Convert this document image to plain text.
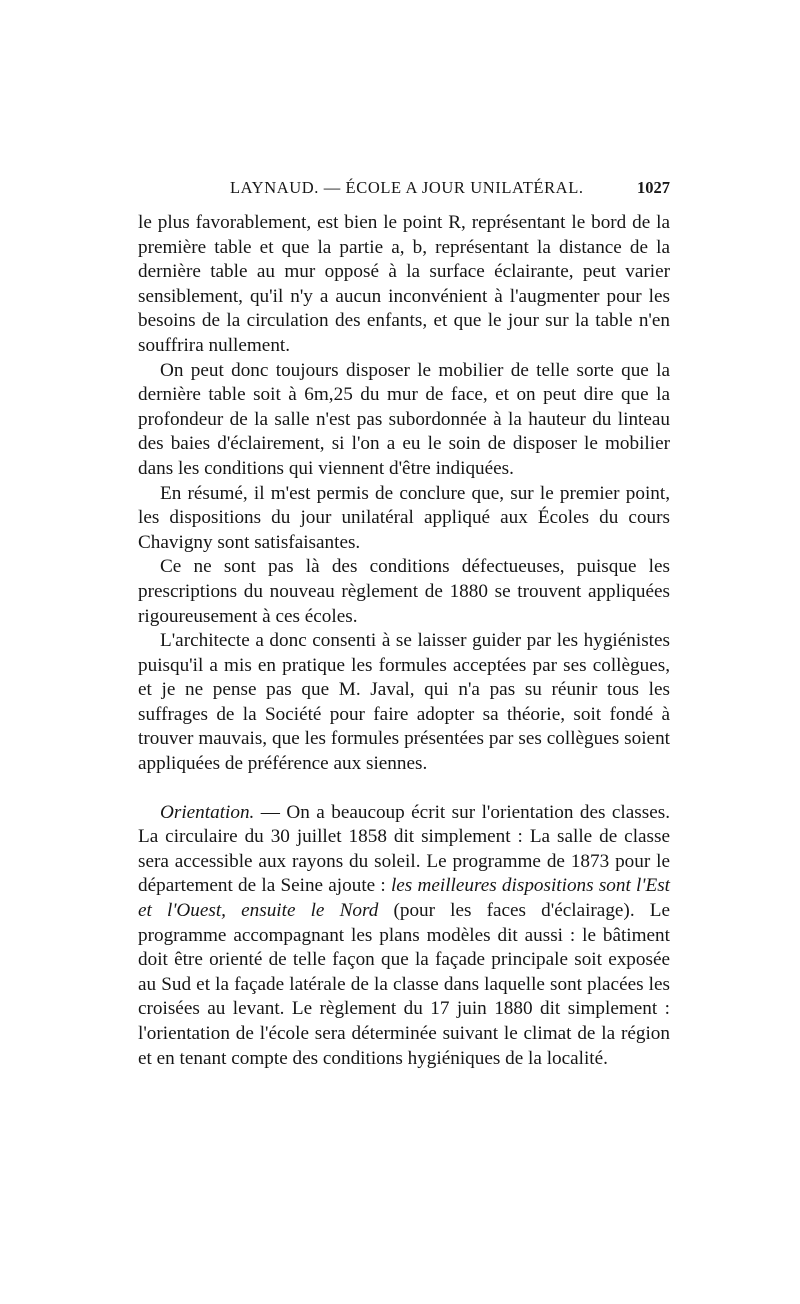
LAYNAUD. — ÉCOLE A JOUR UNILATÉRAL.	1027

le plus favorablement, est bien le point R, représentant le bord de la première table et que la partie a, b, représentant la distance de la dernière table au mur opposé à la surface éclairante, peut varier sensiblement, qu'il n'y a aucun inconvénient à l'augmenter pour les besoins de la circulation des enfants, et que le jour sur la table n'en souffrira nullement.

On peut donc toujours disposer le mobilier de telle sorte que la dernière table soit à 6m,25 du mur de face, et on peut dire que la profondeur de la salle n'est pas subordonnée à la hauteur du linteau des baies d'éclairement, si l'on a eu le soin de disposer le mobilier dans les conditions qui viennent d'être indiquées.

En résumé, il m'est permis de conclure que, sur le premier point, les dispositions du jour unilatéral appliqué aux Écoles du cours Chavigny sont satisfaisantes.

Ce ne sont pas là des conditions défectueuses, puisque les prescriptions du nouveau règlement de 1880 se trouvent appliquées rigoureusement à ces écoles.

L'architecte a donc consenti à se laisser guider par les hygiénistes puisqu'il a mis en pratique les formules acceptées par ses collègues, et je ne pense pas que M. Javal, qui n'a pas su réunir tous les suffrages de la Société pour faire adopter sa théorie, soit fondé à trouver mauvais, que les formules présentées par ses collègues soient appliquées de préférence aux siennes.

Orientation. — On a beaucoup écrit sur l'orientation des classes. La circulaire du 30 juillet 1858 dit simplement : La salle de classe sera accessible aux rayons du soleil. Le programme de 1873 pour le département de la Seine ajoute : les meilleures dispositions sont l'Est et l'Ouest, ensuite le Nord (pour les faces d'éclairage). Le programme accompagnant les plans modèles dit aussi : le bâtiment doit être orienté de telle façon que la façade principale soit exposée au Sud et la façade latérale de la classe dans laquelle sont placées les croisées au levant. Le règlement du 17 juin 1880 dit simplement : l'orientation de l'école sera déterminée suivant le climat de la région et en tenant compte des conditions hygiéniques de la localité.
